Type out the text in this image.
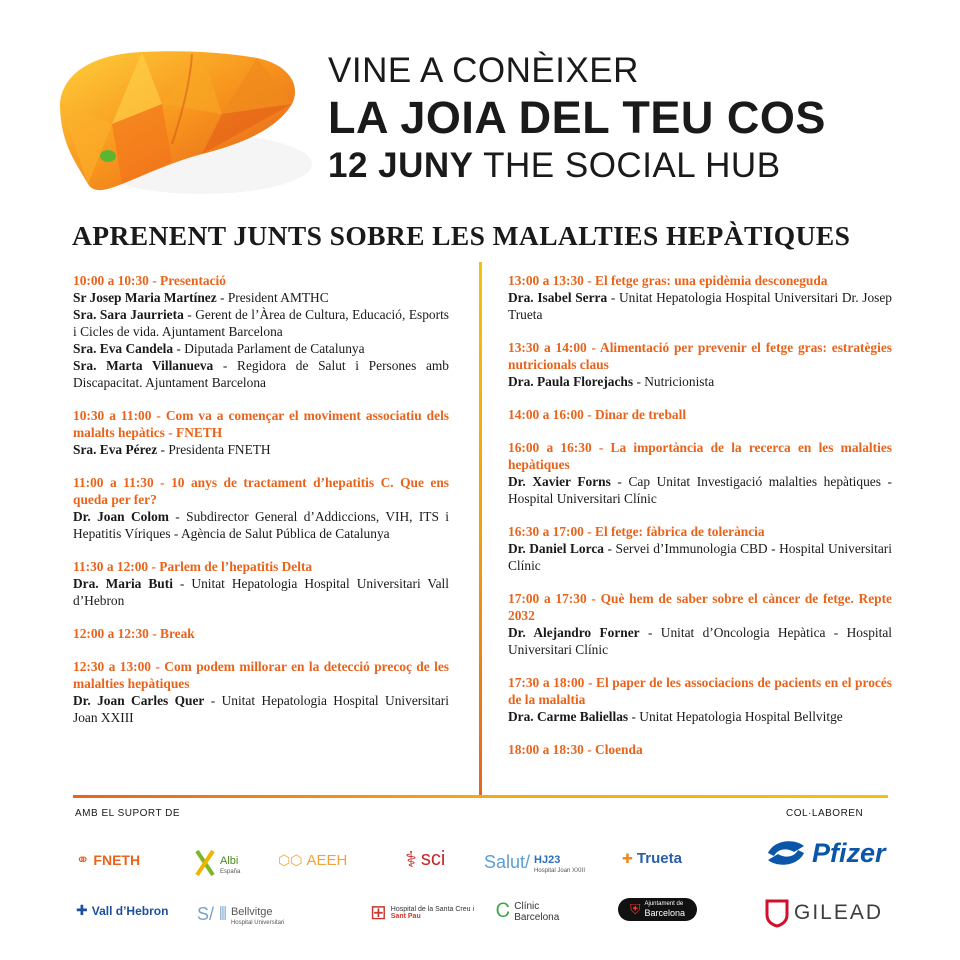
VINE A CONÈIXER
LA JOIA DEL TEU COS
12 JUNY THE SOCIAL HUB
APRENENT JUNTS SOBRE LES MALALTIES HEPÀTIQUES
10:00 a 10:30 - Presentació
Sr Josep Maria Martínez - President AMTHC
Sra. Sara Jaurrieta - Gerent de l’Àrea de Cultura, Educació, Esports i Cicles de vida. Ajuntament Barcelona
Sra. Eva Candela - Diputada Parlament de Catalunya
Sra. Marta Villanueva - Regidora de Salut i Persones amb Discapacitat. Ajuntament Barcelona
10:30 a 11:00 - Com va a començar el moviment associatiu dels malalts hepàtics - FNETH
Sra. Eva Pérez - Presidenta FNETH
11:00 a 11:30 - 10 anys de tractament d’hepatitis C. Que ens queda per fer?
Dr. Joan Colom - Subdirector General d’Addiccions, VIH, ITS i Hepatitis Víriques - Agència de Salut Pública de Catalunya
11:30 a 12:00 - Parlem de l’hepatitis Delta
Dra. Maria Buti - Unitat Hepatologia Hospital Universitari Vall d’Hebron
12:00 a 12:30 - Break
12:30 a 13:00 - Com podem millorar en la detecció precoç de les malalties hepàtiques
Dr. Joan Carles Quer - Unitat Hepatologia Hospital Universitari Joan XXIII
13:00 a 13:30 - El fetge gras: una epidèmia desconeguda
Dra. Isabel Serra - Unitat Hepatologia Hospital Universitari Dr. Josep Trueta
13:30 a 14:00 - Alimentació per prevenir el fetge gras: estratègies nutricionals claus
Dra. Paula Florejachs - Nutricionista
14:00 a 16:00 - Dinar de treball
16:00 a 16:30 - La importància de la recerca en les malalties hepàtiques
Dr. Xavier Forns - Cap Unitat Investigació malalties hepàtiques - Hospital Universitari Clínic
16:30 a 17:00 - El fetge: fàbrica de tolerància
Dr. Daniel Lorca - Servei d’Immunologia CBD - Hospital Universitari Clínic
17:00 a 17:30 - Què hem de saber sobre el càncer de fetge. Repte 2032
Dr. Alejandro Forner - Unitat d’Oncologia Hepàtica - Hospital Universitari Clínic
17:30 a 18:00 - El paper de les associacions de pacients en el procés de la malaltia
Dra. Carme Baliellas - Unitat Hepatologia Hospital Bellvitge
18:00 a 18:30 - Cloenda
AMB EL SUPORT DE	COL·LABOREN
⚭ FNETH	Albi
España
⬡⬡ AEEH	⚕ sci Salut/ HJ23
Hospital Joan XXIII
✚ Trueta	Pfizer
✚ Vall d’Hebron S/ ⦀ Bellvitge
Hospital Universitari	⊞ Hospital de la Santa Creu i
Sant Pau	Ꮯ Clínic
Barcelona	⛨ Ajuntament de
Barcelona	GILEAD
